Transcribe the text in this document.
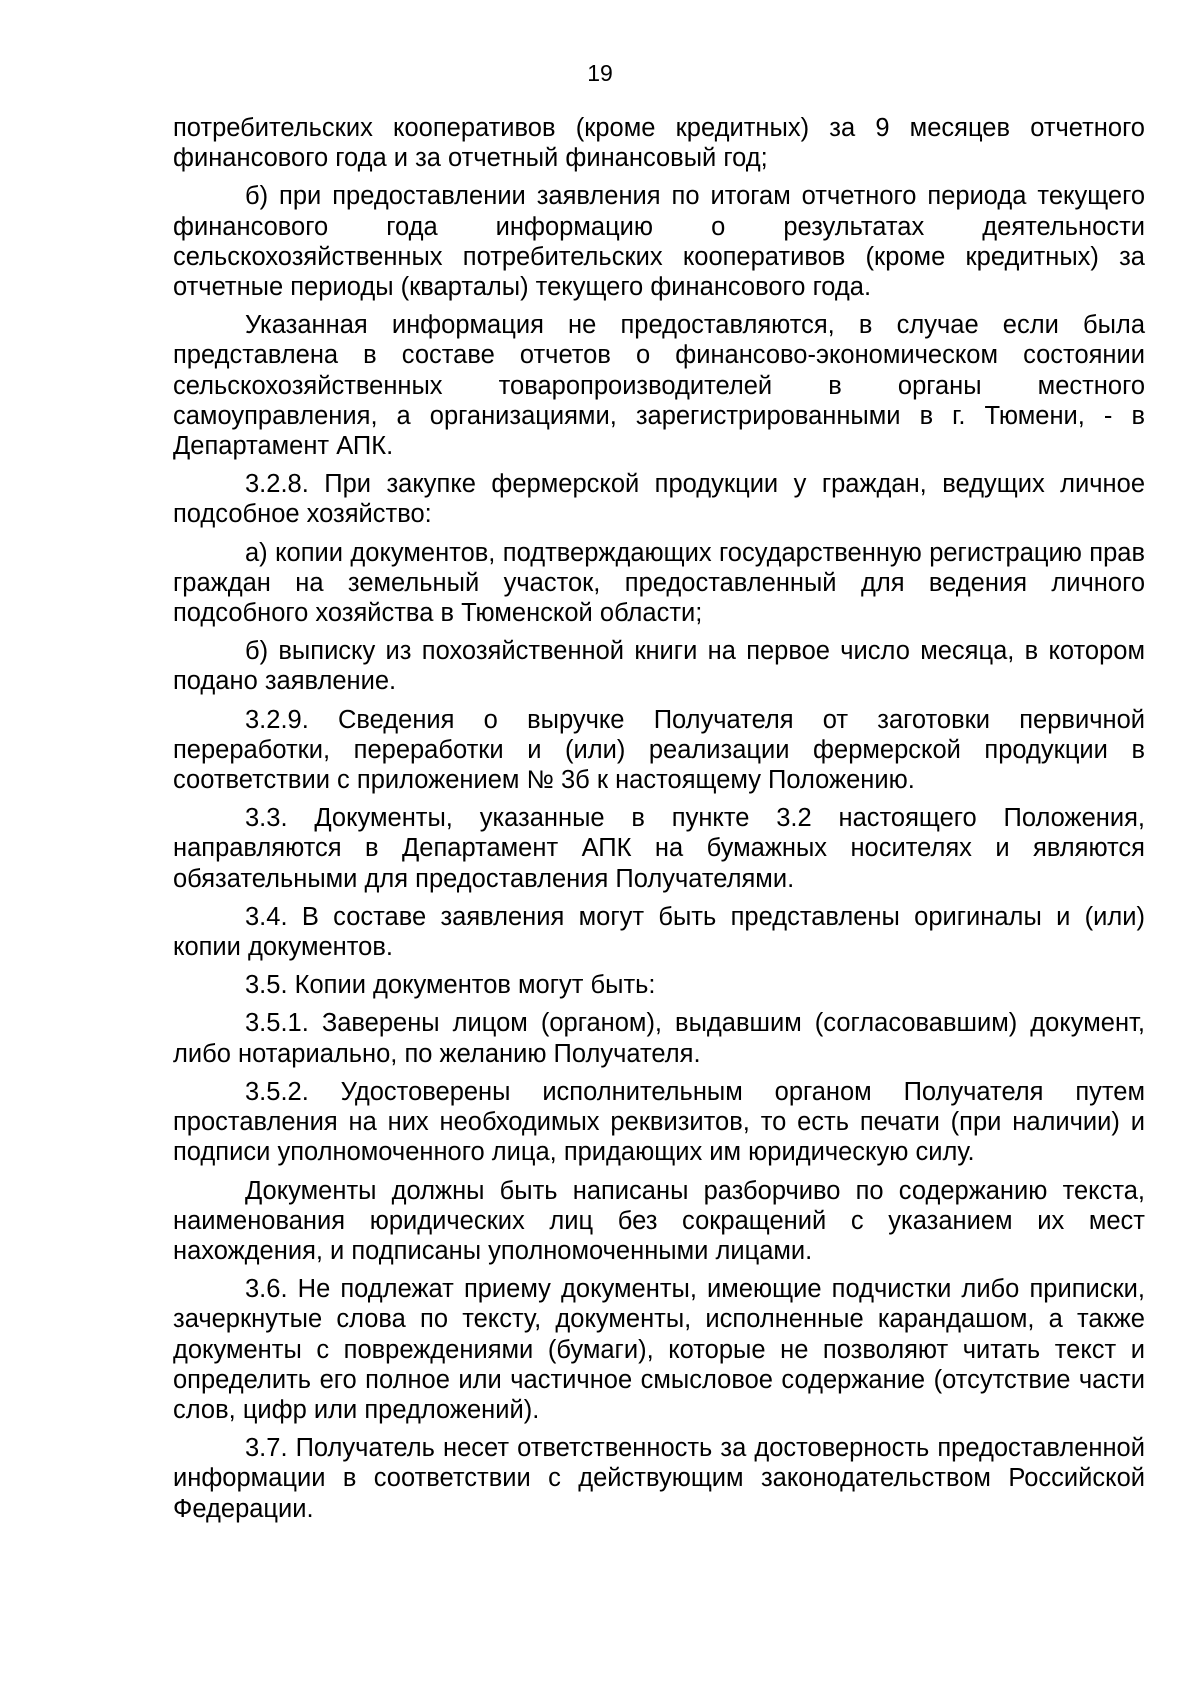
19

потребительских кооперативов (кроме кредитных) за 9 месяцев отчетного финансового года и за отчетный финансовый год;

б) при предоставлении заявления по итогам отчетного периода текущего финансового года информацию о результатах деятельности сельскохозяйственных потребительских кооперативов (кроме кредитных) за отчетные периоды (кварталы) текущего финансового года.

Указанная информация не предоставляются, в случае если была представлена в составе отчетов о финансово-экономическом состоянии сельскохозяйственных товаропроизводителей в органы местного самоуправления, а организациями, зарегистрированными в г. Тюмени, - в Департамент АПК.

3.2.8. При закупке фермерской продукции у граждан, ведущих личное подсобное хозяйство:

а) копии документов, подтверждающих государственную регистрацию прав граждан на земельный участок, предоставленный для ведения личного подсобного хозяйства в Тюменской области;

б) выписку из похозяйственной книги на первое число месяца, в котором подано заявление.

3.2.9. Сведения о выручке Получателя от заготовки первичной переработки, переработки и (или) реализации фермерской продукции в соответствии с приложением № 3б к настоящему Положению.

3.3. Документы, указанные в пункте 3.2 настоящего Положения, направляются в Департамент АПК на бумажных носителях и являются обязательными для предоставления Получателями.

3.4. В составе заявления могут быть представлены оригиналы и (или) копии документов.

3.5. Копии документов могут быть:

3.5.1. Заверены лицом (органом), выдавшим (согласовавшим) документ, либо нотариально, по желанию Получателя.

3.5.2. Удостоверены исполнительным органом Получателя путем проставления на них необходимых реквизитов, то есть печати (при наличии) и подписи уполномоченного лица, придающих им юридическую силу.

Документы должны быть написаны разборчиво по содержанию текста, наименования юридических лиц без сокращений с указанием их мест нахождения, и подписаны уполномоченными лицами.

3.6. Не подлежат приему документы, имеющие подчистки либо приписки, зачеркнутые слова по тексту, документы, исполненные карандашом, а также документы с повреждениями (бумаги), которые не позволяют читать текст и определить его полное или частичное смысловое содержание (отсутствие части слов, цифр или предложений).

3.7. Получатель несет ответственность за достоверность предоставленной информации в соответствии с действующим законодательством Российской Федерации.
